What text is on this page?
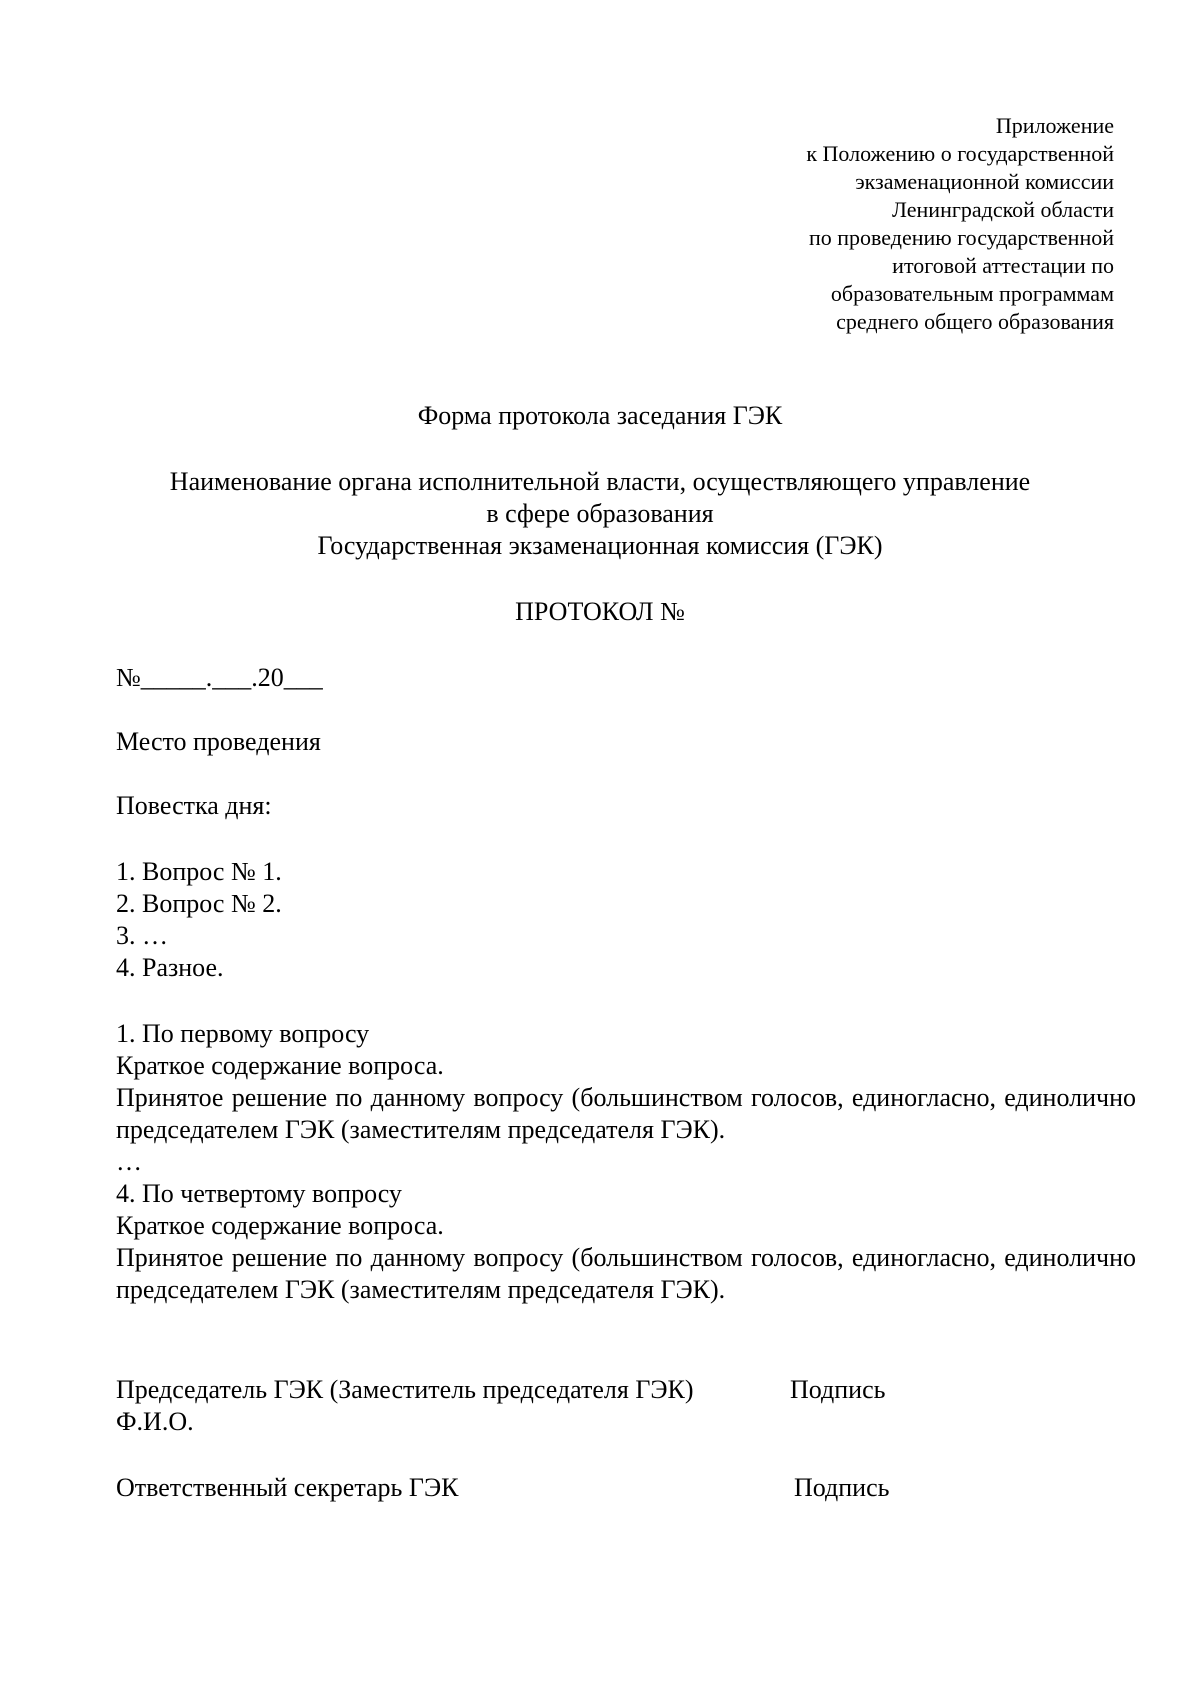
Приложение
к Положению о государственной
экзаменационной комиссии
Ленинградской области
по проведению государственной
итоговой аттестации по
образовательным программам
среднего общего образования
Форма протокола заседания ГЭК
Наименование органа исполнительной власти, осуществляющего управление
в сфере образования
Государственная экзаменационная комиссия (ГЭК)
ПРОТОКОЛ №
№_____.___.20___
Место проведения
Повестка дня:
1. Вопрос № 1.
2. Вопрос № 2.
3. …
4. Разное.
1. По первому вопросу
Краткое содержание вопроса.
Принятое решение по данному вопросу (большинством голосов, единогласно, единолично председателем ГЭК (заместителям председателя ГЭК).
…
4. По четвертому вопросу
Краткое содержание вопроса.
Принятое решение по данному вопросу (большинством голосов, единогласно, единолично председателем ГЭК (заместителям председателя ГЭК).
Председатель ГЭК (Заместитель председателя ГЭК)	Подпись
Ф.И.О.
Ответственный секретарь ГЭК	Подпись
